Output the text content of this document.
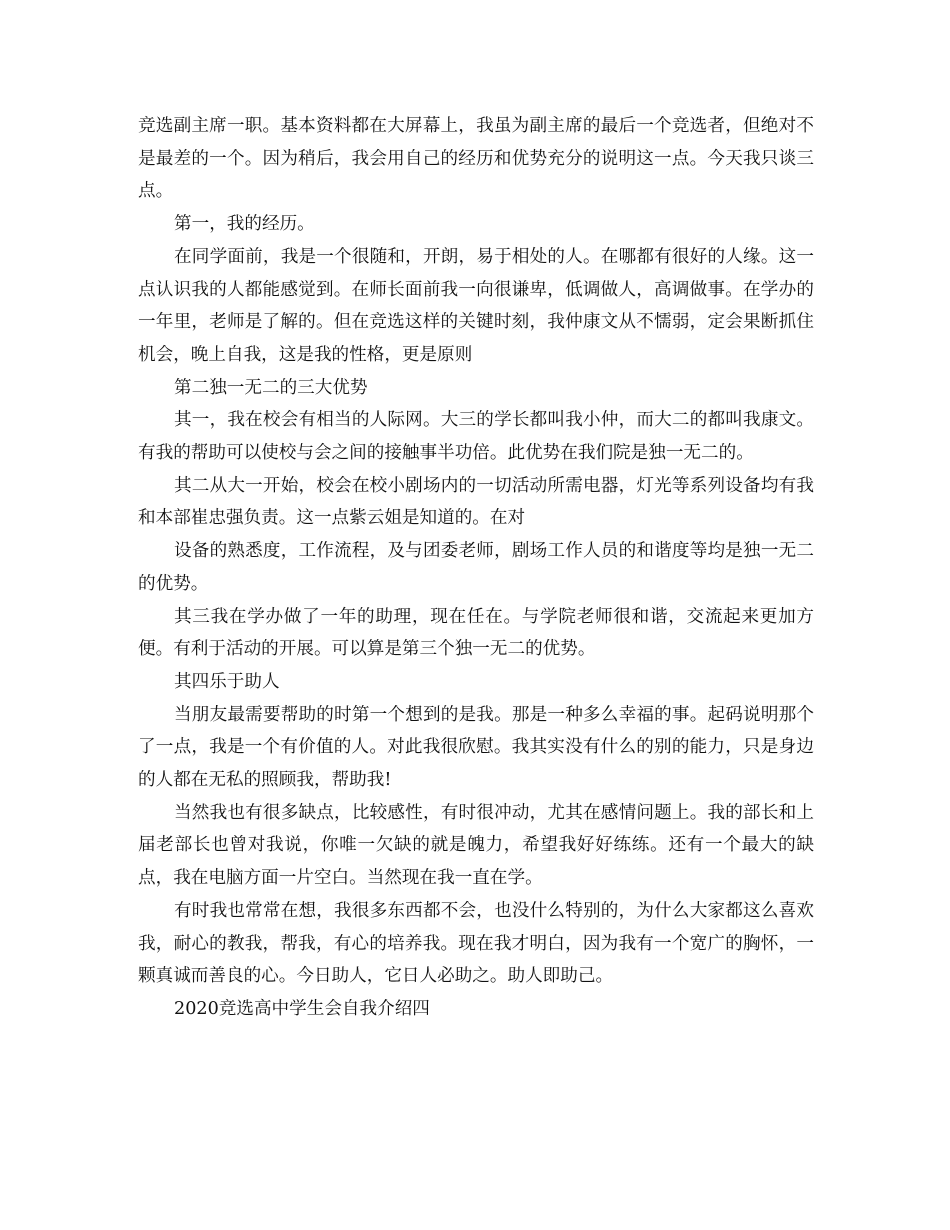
竞选副主席一职。基本资料都在大屏幕上，我虽为副主席的最后一个竞选者，但绝对不是最差的一个。因为稍后，我会用自己的经历和优势充分的说明这一点。今天我只谈三点。

第一，我的经历。

在同学面前，我是一个很随和，开朗，易于相处的人。在哪都有很好的人缘。这一点认识我的人都能感觉到。在师长面前我一向很谦卑，低调做人，高调做事。在学办的一年里，老师是了解的。但在竞选这样的关键时刻，我仲康文从不懦弱，定会果断抓住机会，晚上自我，这是我的性格，更是原则

第二独一无二的三大优势

其一，我在校会有相当的人际网。大三的学长都叫我小仲，而大二的都叫我康文。有我的帮助可以使校与会之间的接触事半功倍。此优势在我们院是独一无二的。

其二从大一开始，校会在校小剧场内的一切活动所需电器，灯光等系列设备均有我和本部崔忠强负责。这一点紫云姐是知道的。在对

设备的熟悉度，工作流程，及与团委老师，剧场工作人员的和谐度等均是独一无二的优势。

其三我在学办做了一年的助理，现在任在。与学院老师很和谐，交流起来更加方便。有利于活动的开展。可以算是第三个独一无二的优势。

其四乐于助人

当朋友最需要帮助的时第一个想到的是我。那是一种多么幸福的事。起码说明那个了一点，我是一个有价值的人。对此我很欣慰。我其实没有什么的别的能力，只是身边的人都在无私的照顾我，帮助我!

当然我也有很多缺点，比较感性，有时很冲动，尤其在感情问题上。我的部长和上届老部长也曾对我说，你唯一欠缺的就是魄力，希望我好好练练。还有一个最大的缺点，我在电脑方面一片空白。当然现在我一直在学。

有时我也常常在想，我很多东西都不会，也没什么特别的，为什么大家都这么喜欢我，耐心的教我，帮我，有心的培养我。现在我才明白，因为我有一个宽广的胸怀，一颗真诚而善良的心。今日助人，它日人必助之。助人即助己。

2020竞选高中学生会自我介绍四
